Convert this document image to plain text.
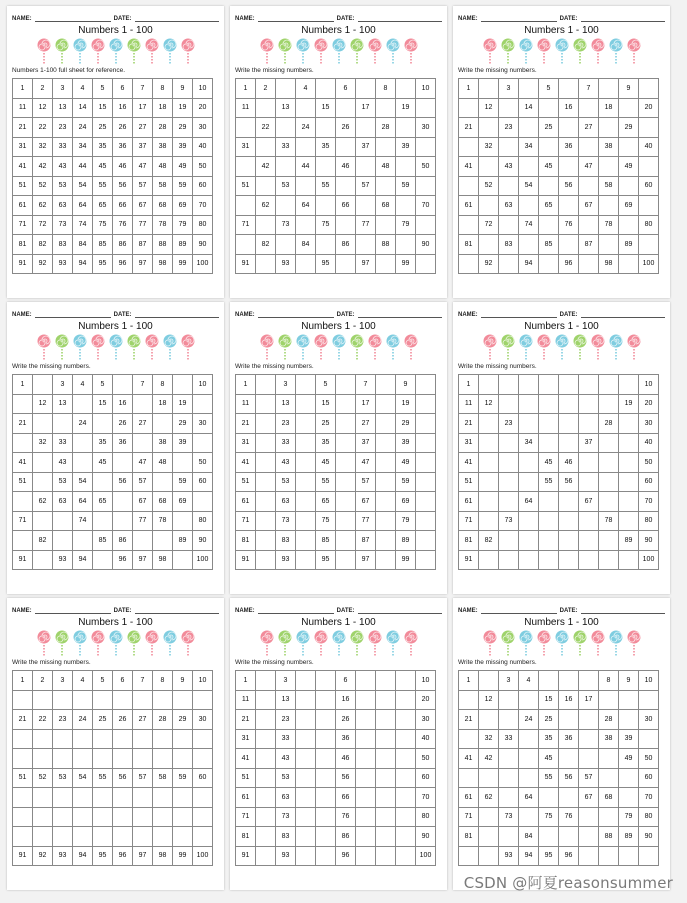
NAME:	DATE:
Numbers 1 - 100
Numbers 1-100 full sheet for reference.
1	2	3	4	5	6	7	8	9	10
11	12	13	14	15	16	17	18	19	20
21	22	23	24	25	26	27	28	29	30
31	32	33	34	35	36	37	38	39	40
41	42	43	44	45	46	47	48	49	50
51	52	53	54	55	56	57	58	59	60
61	62	63	64	65	66	67	68	69	70
71	72	73	74	75	76	77	78	79	80
81	82	83	84	85	86	87	88	89	90
91	92	93	94	95	96	97	98	99	100
NAME:	DATE:
Numbers 1 - 100
Write the missing numbers.
1	2		4		6		8		10
11		13		15		17		19	
	22		24		26		28		30
31		33		35		37		39	
	42		44		46		48		50
51		53		55		57		59	
	62		64		66		68		70
71		73		75		77		79	
	82		84		86		88		90
91		93		95		97		99	
NAME:	DATE:
Numbers 1 - 100
Write the missing numbers.
1		3		5		7		9	
	12		14		16		18		20
21		23		25		27		29	
	32		34		36		38		40
41		43		45		47		49	
	52		54		56		58		60
61		63		65		67		69	
	72		74		76		78		80
81		83		85		87		89	
	92		94		96		98		100
NAME:	DATE:
Numbers 1 - 100
Write the missing numbers.
1		3	4	5		7	8		10
	12	13		15	16		18	19	
21			24		26	27		29	30
	32	33		35	36		38	39	
41		43		45		47	48		50
51		53	54		56	57		59	60
	62	63	64	65		67	68	69	
71			74			77	78		80
	82			85	86			89	90
91		93	94		96	97	98		100
NAME:	DATE:
Numbers 1 - 100
Write the missing numbers.
1		3		5		7		9	
11		13		15		17		19	
21		23		25		27		29	
31		33		35		37		39	
41		43		45		47		49	
51		53		55		57		59	
61		63		65		67		69	
71		73		75		77		79	
81		83		85		87		89	
91		93		95		97		99	
NAME:	DATE:
Numbers 1 - 100
Write the missing numbers.
1									10
11	12							19	20
21		23					28		30
31			34			37			40
41				45	46				50
51				55	56				60
61			64			67			70
71		73					78		80
81	82							89	90
91									100
NAME:	DATE:
Numbers 1 - 100
Write the missing numbers.
1	2	3	4	5	6	7	8	9	10

21	22	23	24	25	26	27	28	29	30

51	52	53	54	55	56	57	58	59	60

91	92	93	94	95	96	97	98	99	100
NAME:	DATE:
Numbers 1 - 100
Write the missing numbers.
1		3			6				10
11		13			16				20
21		23			26				30
31		33			36				40
41		43			46				50
51		53			56				60
61		63			66				70
71		73			76				80
81		83			86				90
91		93			96				100
NAME:	DATE:
Numbers 1 - 100
Write the missing numbers.
1		3	4				8	9	10
	12			15	16	17			
21			24	25			28		30
	32	33		35	36		38	39	
41	42			45				49	50
				55	56	57			60
61	62		64			67	68		70
71		73		75	76			79	80
81			84				88	89	90
		93	94	95	96				
CSDN @阿夏reasonsummer
